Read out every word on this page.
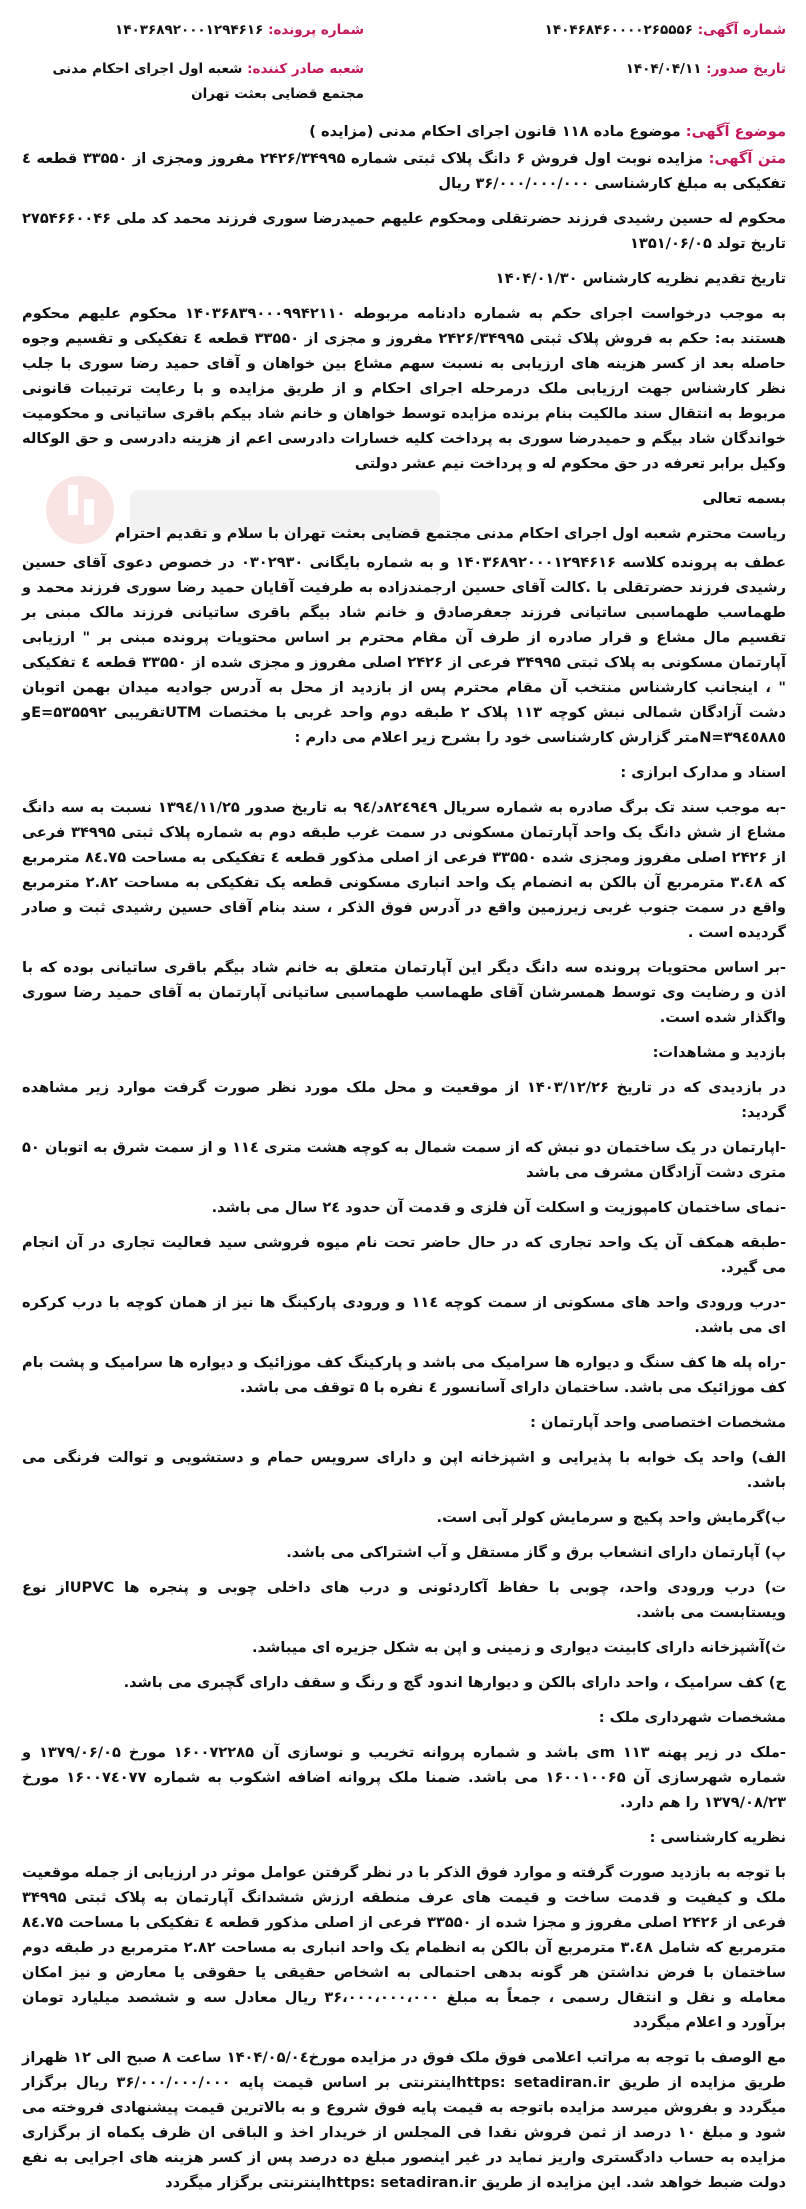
شماره آگهی: ۱۴۰۴۶۸۴۶۰۰۰۰۲۶۵۵۵۶
شماره پرونده: ۱۴۰۳۶۸۹۲۰۰۰۱۲۹۴۶۱۶
تاریخ صدور: ۱۴۰۴/۰۴/۱۱
شعبه صادر کننده: شعبه اول اجرای احکام مدنی مجتمع قضایی بعثت تهران

موضوع آگهی: موضوع ماده ۱۱۸ قانون اجرای احکام مدنی (مزایده )

متن آگهی: مزایده نوبت اول فروش ۶ دانگ پلاک ثبتی شماره ۲۴۲۶/۳۴۹۹۵ مفروز ومجزی از ۳۳۵۵۰ قطعه ٤ تفکیکی به مبلغ کارشناسی ۳۶/۰۰۰/۰۰۰/۰۰۰ ریال

محکوم له حسین رشیدی فرزند حضرتقلی ومحکوم علیهم حمیدرضا سوری فرزند محمد کد ملی ۲۷۵۴۶۶۰۰۴۶ تاریخ تولد ۱۳۵۱/۰۶/۰۵

تاریخ تقدیم نظریه کارشناس ۱۴۰۴/۰۱/۳۰

به موجب درخواست اجرای حکم به شماره دادنامه مربوطه ۱۴۰۳۶۸۳۹۰۰۰۹۹۴۲۱۱۰ محکوم علیهم محکوم هستند به: حکم به فروش پلاک ثبتی ۲۴۲۶/۳۴۹۹۵ مفروز و مجزی از ۳۳۵۵۰ قطعه ٤ تفکیکی و تقسیم وجوه حاصله بعد از کسر هزینه های ارزیابی به نسبت سهم مشاع بین خواهان و آقای حمید رضا سوری با جلب نظر کارشناس جهت ارزیابی ملک درمرحله اجرای احکام و از طریق مزایده و با رعایت ترتیبات قانونی مربوط به انتقال سند مالکیت بنام برنده مزایده توسط خواهان و خانم شاد بیکم باقری ساتیانی و محکومیت خواندگان شاد بیگم و حمیدرضا سوری به پرداخت کلیه خسارات دادرسی اعم از هزینه دادرسی و حق الوکاله وکیل برابر تعرفه در حق محکوم له و پرداخت نیم عشر دولتی

بسمه تعالی

ریاست محترم شعبه اول اجرای احکام مدنی مجتمع قضایی بعثت تهران با سلام و تقدیم احترام

عطف به پرونده کلاسه ۱۴۰۳۶۸۹۲۰۰۰۱۲۹۴۶۱۶ و به شماره بایگانی ۰۳۰۲۹۳۰ در خصوص دعوی آقای حسین رشیدی فرزند حضرتقلی با .کالت آقای حسین ارجمندزاده به طرفیت آقایان حمید رضا سوری فرزند محمد و طهماسب طهماسبی ساتیانی فرزند جعفرصادق و خانم شاد بیگم باقری ساتیانی فرزند مالک مبنی بر تقسیم مال مشاع و قرار صادره از طرف آن مقام محترم بر اساس محتویات پرونده مبنی بر " ارزیابی آپارتمان مسکونی به پلاک ثبتی ۳۴۹۹۵ فرعی از ۲۴۲۶ اصلی مفروز و مجزی شده از ۳۳۵۵۰ قطعه ٤ تفکیکی " ، اینجانب کارشناس منتخب آن مقام محترم پس از بازدید از محل به آدرس جوادیه میدان بهمن اتوبان دشت آزادگان شمالی نبش کوچه ۱۱۳ پلاک ۲ طبقه دوم واحد غربی با مختصات UTMتقریبی E=۵۳۵۵۹۲و N=۳۹٤٥٨٨٥متر گزارش کارشناسی خود را بشرح زیر اعلام می دارم :

اسناد و مدارک ابرازی :

-به موجب سند تک برگ صادره به شماره سریال ۸۲٤۹٤۹د/۹٤ به تاریخ صدور ۱۳۹٤/۱۱/۲۵ نسبت به سه دانگ مشاع از شش دانگ یک واحد آپارتمان مسکونی در سمت غرب طبقه دوم به شماره پلاک ثبتی ۳۴۹۹۵ فرعی از ۲۴۲۶ اصلی مفروز ومجزی شده ۳۳۵۵۰ فرعی از اصلی مذکور قطعه ٤ تفکیکی به مساحت ۸٤.۷۵ مترمربع که ۳.٤۸ مترمربع آن بالکن به انضمام یک واحد انباری مسکونی قطعه یک تفکیکی به مساحت ۲.۸۲ مترمربع واقع در سمت جنوب غربی زیرزمین واقع در آدرس فوق الذکر ، سند بنام آقای حسین رشیدی ثبت و صادر گردیده است .

-بر اساس محتویات پرونده سه دانگ دیگر این آپارتمان متعلق به خانم شاد بیگم باقری ساتیانی بوده که با اذن و رضایت وی توسط همسرشان آقای طهماسب طهماسبی ساتیانی آپارتمان به آقای حمید رضا سوری واگذار شده است.

بازدید و مشاهدات:

در بازدیدی که در تاریخ ۱۴۰۳/۱۲/۲۶ از موقعیت و محل ملک مورد نظر صورت گرفت موارد زیر مشاهده گردید:

-اپارتمان در یک ساختمان دو نبش که از سمت شمال به کوچه هشت متری ۱۱٤ و از سمت شرق به اتوبان ۵۰ متری دشت آزادگان مشرف می باشد

-نمای ساختمان کامپوزیت و اسکلت آن فلزی و قدمت آن حدود ۲٤ سال می باشد.

-طبقه همکف آن یک واحد تجاری که در حال حاضر تحت نام میوه فروشی سید فعالیت تجاری در آن انجام می گیرد.

-درب ورودی واحد های مسکونی از سمت کوچه ۱۱٤ و ورودی پارکینگ ها نیز از همان کوچه با درب کرکره ای می باشد.

-راه پله ها کف سنگ و دیواره ها سرامیک می باشد و پارکینگ کف موزائیک و دیواره ها سرامیک و پشت بام کف موزائیک می باشد. ساختمان دارای آسانسور ٤ نفره با ۵ توقف می باشد.

مشخصات اختصاصی واحد آپارتمان :

الف) واحد یک خوابه با پذیرایی و اشپزخانه اپن و دارای سرویس حمام و دستشویی و توالت فرنگی می باشد.

ب)گرمایش واحد پکیج و سرمایش کولر آبی است.

پ) آپارتمان دارای انشعاب برق و گاز مستقل و آب اشتراکی می باشد.

ت) درب ورودی واحد، چوبی با حفاظ آکاردئونی و درب های داخلی چوبی و پنجره ها UPVCاز نوع ویستابست می باشد.

ث)آشپزخانه دارای کابینت دیواری و زمینی و اپن به شکل جزیره ای میباشد.

ج) کف سرامیک ، واحد دارای بالکن و دیوارها اندود گچ و رنگ و سقف دارای گچبری می باشد.

مشخصات شهرداری ملک :

-ملک در زیر پهنه ۱۱۳ mی باشد و شماره پروانه تخریب و نوسازی آن ۱۶۰۰۷۲۲۸۵ مورخ ۱۳۷۹/۰۶/۰۵ و شماره شهرسازی آن ۱۶۰۰۱۰۰۶۵ می باشد. ضمنا ملک پروانه اضافه اشکوب به شماره ۱۶۰۰۷٤۰۷۷ مورخ ۱۳۷۹/۰۸/۲۳ را هم دارد.

نظریه کارشناسی :

با توجه به بازدید صورت گرفته و موارد فوق الذکر با در نظر گرفتن عوامل موثر در ارزیابی از جمله موقعیت ملک و کیفیت و قدمت ساخت و قیمت های عرف منطقه ارزش ششدانگ آپارتمان به پلاک ثبتی ۳۴۹۹۵ فرعی از ۲۴۲۶ اصلی مفروز و مجزا شده از ۳۳۵۵۰ فرعی از اصلی مذکور قطعه ٤ تفکیکی با مساحت ۸٤.۷۵ مترمربع که شامل ۳.٤۸ مترمربع آن بالکن به انظمام یک واحد انباری به مساحت ۲.۸۲ مترمربع در طبقه دوم ساختمان با فرض نداشتن هر گونه بدهی احتمالی به اشخاص حقیقی یا حقوقی یا معارض و نیز امکان معامله و نقل و انتقال رسمی ، جمعاً به مبلغ ۳۶،۰۰۰،۰۰۰،۰۰۰ ریال معادل سه و ششصد میلیارد تومان برآورد و اعلام میگردد

مع الوصف با توجه به مراتب اعلامی فوق ملک فوق در مزایده مورخ۱۴۰۴/۰۵/۰٤ ساعت ۸ صبح الی ۱۲ ظهراز طریق مزایده از طریق https: setadiran.irاینترنتی بر اساس قیمت پایه ۳۶/۰۰۰/۰۰۰/۰۰۰ ریال برگزار میگردد و بفروش میرسد مزایده باتوجه به قیمت پایه فوق شروع و به بالاترین قیمت پیشنهادی فروخته می شود و مبلغ ۱۰ درصد از ثمن فروش نقدا فی المجلس از خریدار اخذ و الباقی ان ظرف یکماه از برگزاری مزایده به حساب دادگستری واریز نماید در غیر اینصور مبلغ ده درصد پس از کسر هزینه های اجرایی به نفع دولت ضبط خواهد شد. این مزایده از طریق https: setadiran.irاینترنتی برگزار میگردد
